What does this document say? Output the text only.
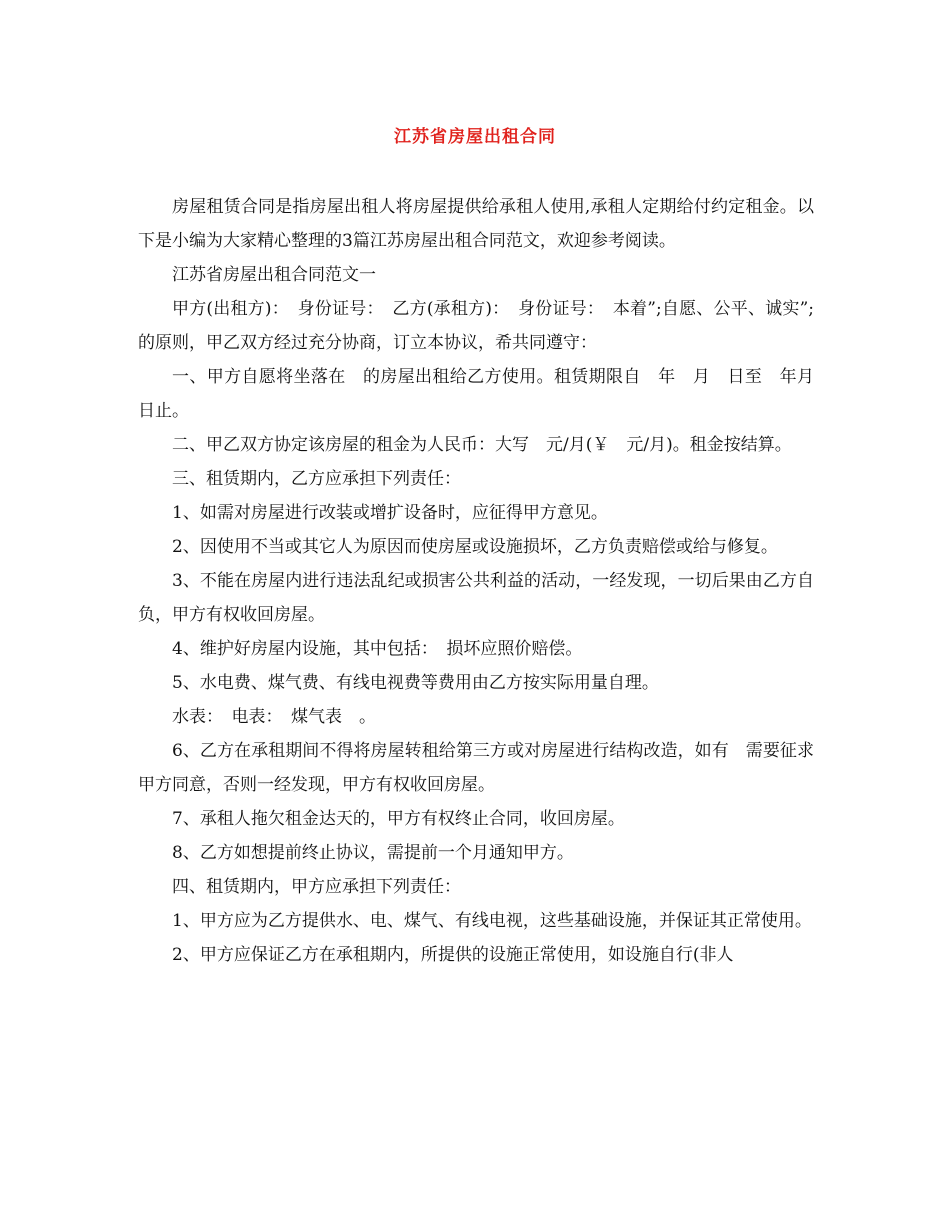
江苏省房屋出租合同

房屋租赁合同是指房屋出租人将房屋提供给承租人使用,承租人定期给付约定租金。以下是小编为大家精心整理的3篇江苏房屋出租合同范文，欢迎参考阅读。

江苏省房屋出租合同范文一

甲方(出租方)：　身份证号：　乙方(承租方)：　身份证号：　本着”;自愿、公平、诚实”;的原则，甲乙双方经过充分协商，订立本协议，希共同遵守：

一、甲方自愿将坐落在　的房屋出租给乙方使用。租赁期限自　年　月　日至　年月　日止。

二、甲乙双方协定该房屋的租金为人民币：大写　元/月(￥　元/月)。租金按结算。

三、租赁期内，乙方应承担下列责任：

1、如需对房屋进行改装或增扩设备时，应征得甲方意见。

2、因使用不当或其它人为原因而使房屋或设施损坏，乙方负责赔偿或给与修复。

3、不能在房屋内进行违法乱纪或损害公共利益的活动，一经发现，一切后果由乙方自负，甲方有权收回房屋。

4、维护好房屋内设施，其中包括：　损坏应照价赔偿。

5、水电费、煤气费、有线电视费等费用由乙方按实际用量自理。

水表：　电表：　煤气表　。

6、乙方在承租期间不得将房屋转租给第三方或对房屋进行结构改造，如有　需要征求甲方同意，否则一经发现，甲方有权收回房屋。

7、承租人拖欠租金达天的，甲方有权终止合同，收回房屋。

8、乙方如想提前终止协议，需提前一个月通知甲方。

四、租赁期内，甲方应承担下列责任：

1、甲方应为乙方提供水、电、煤气、有线电视，这些基础设施，并保证其正常使用。

2、甲方应保证乙方在承租期内，所提供的设施正常使用，如设施自行(非人
